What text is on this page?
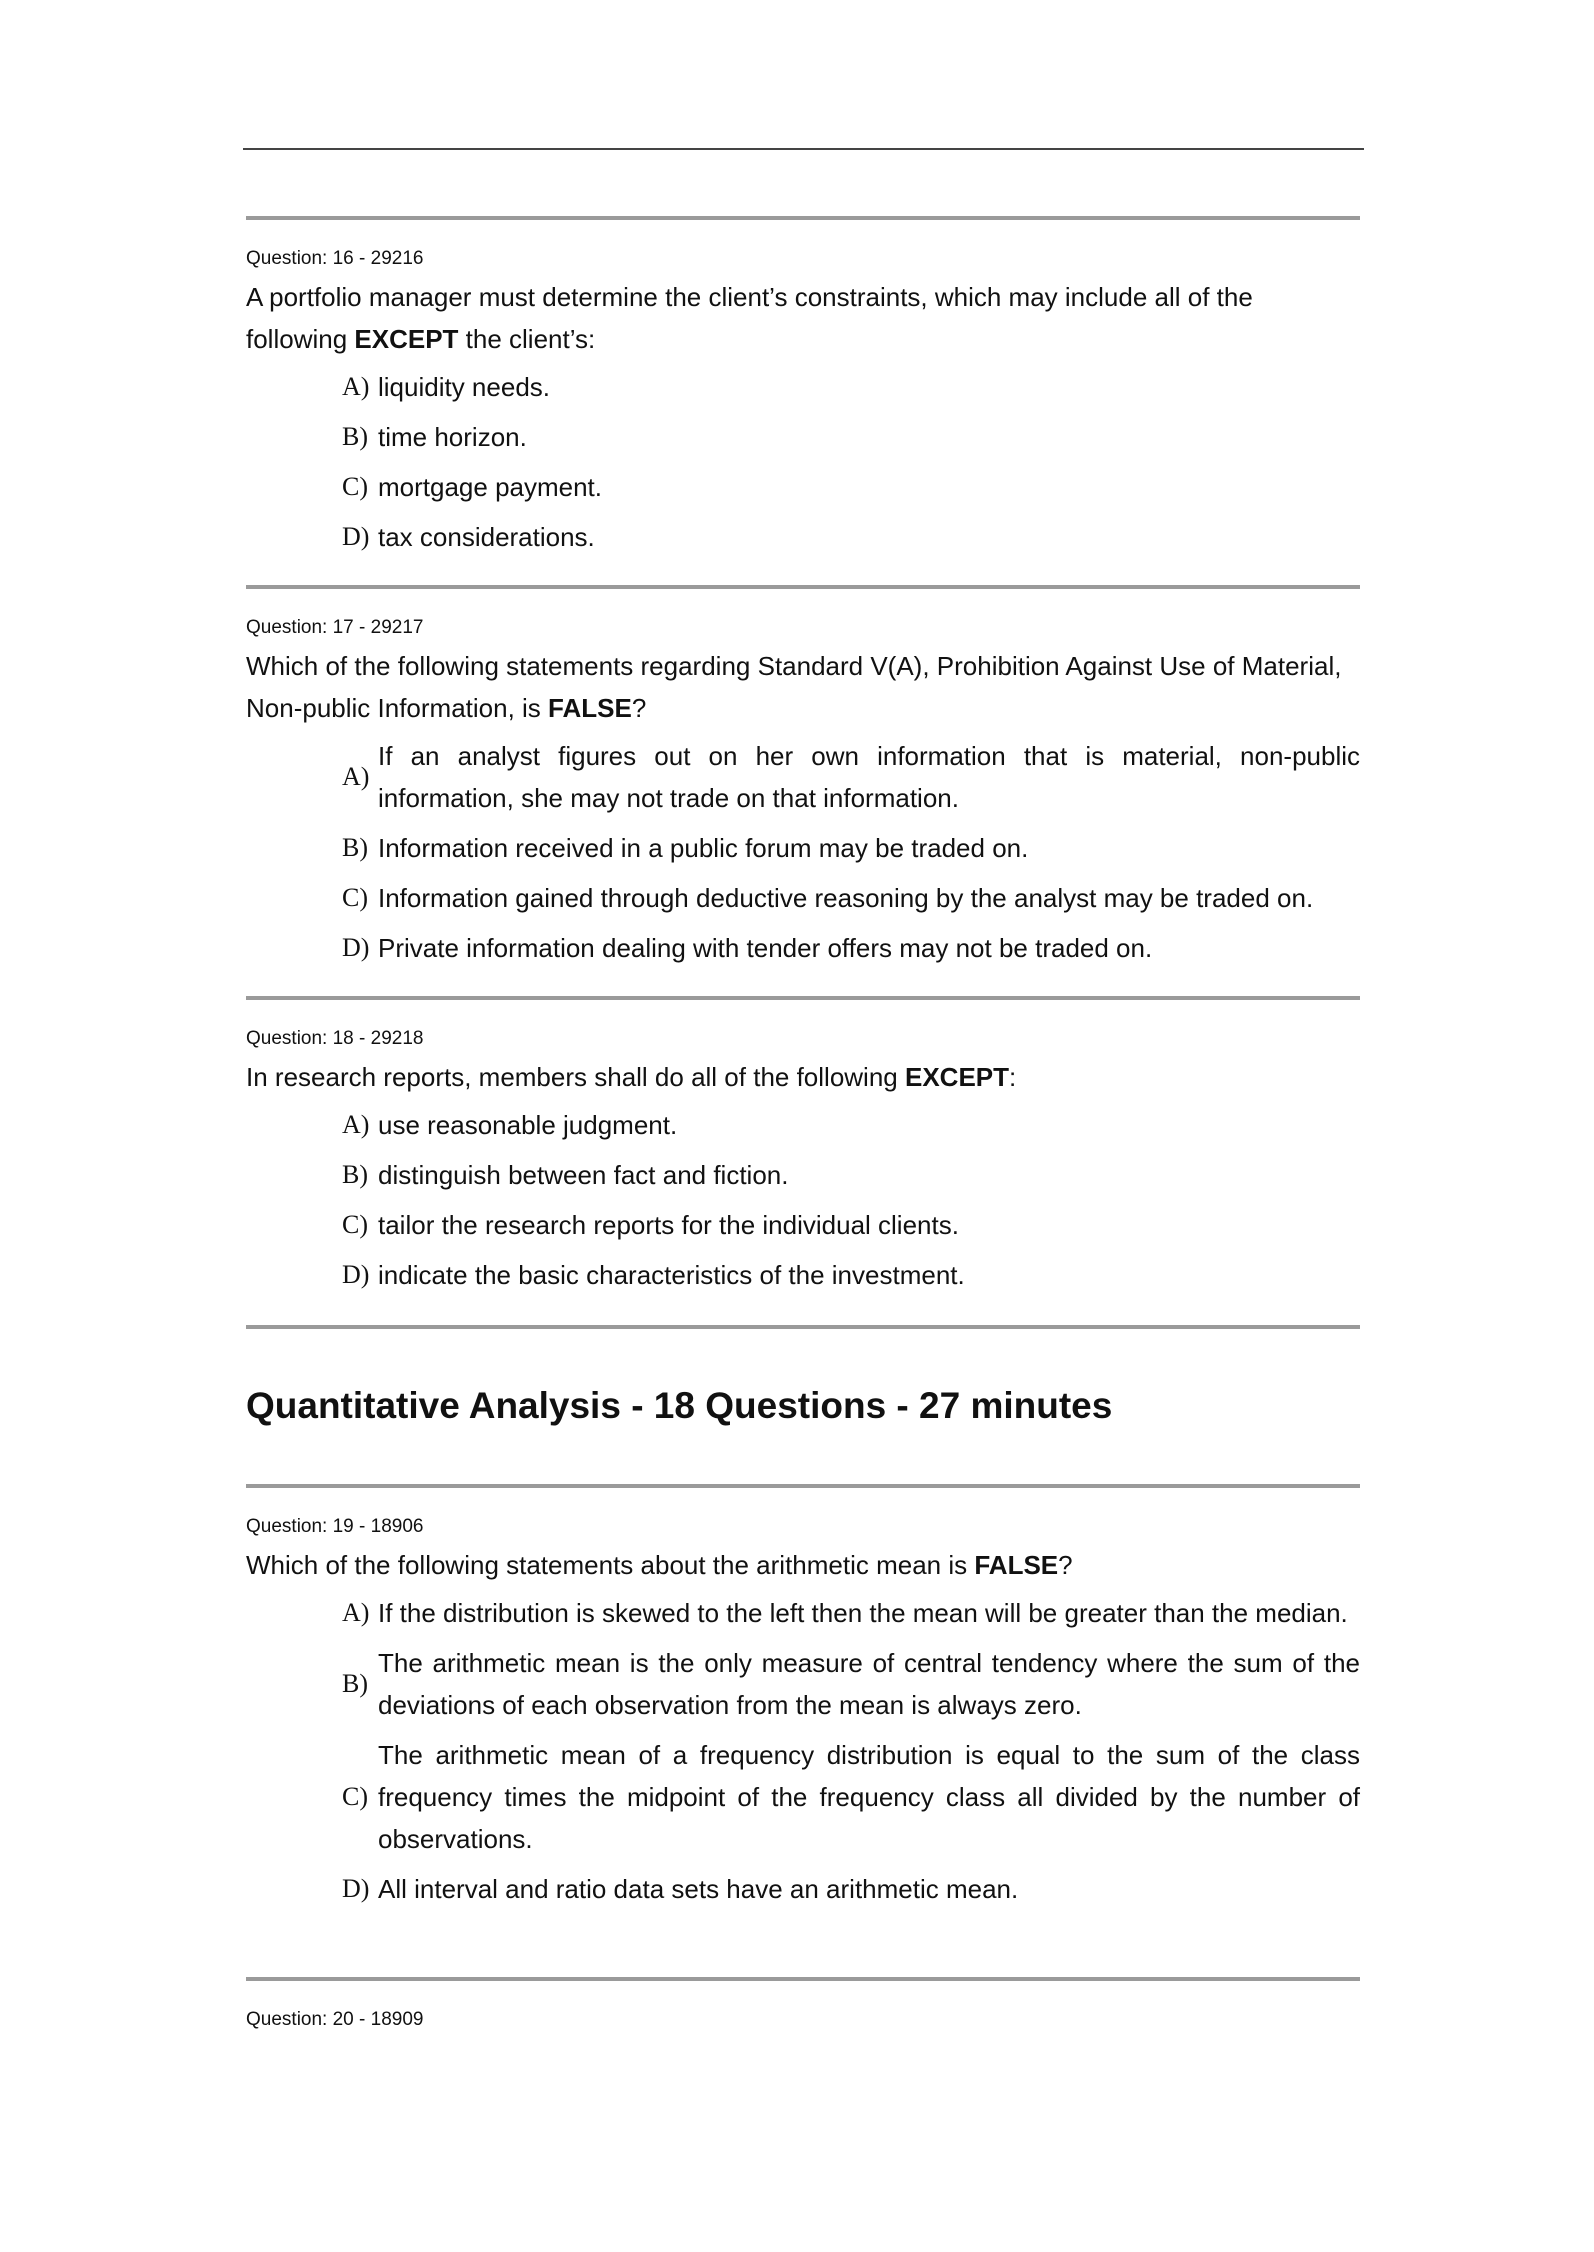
Question: 16 - 29216
A portfolio manager must determine the client’s constraints, which may include all of the following EXCEPT the client’s:
A) liquidity needs.
B) time horizon.
C) mortgage payment.
D) tax considerations.
Question: 17 - 29217
Which of the following statements regarding Standard V(A), Prohibition Against Use of Material, Non-public Information, is FALSE?
A)
If an analyst figures out on her own information that is material, non-public information, she may not trade on that information.
B) Information received in a public forum may be traded on.
C) Information gained through deductive reasoning by the analyst may be traded on.
D) Private information dealing with tender offers may not be traded on.
Question: 18 - 29218
In research reports, members shall do all of the following EXCEPT:
A) use reasonable judgment.
B) distinguish between fact and fiction.
C) tailor the research reports for the individual clients.
D) indicate the basic characteristics of the investment.
Quantitative Analysis - 18 Questions - 27 minutes
Question: 19 - 18906
Which of the following statements about the arithmetic mean is FALSE?
A) If the distribution is skewed to the left then the mean will be greater than the median.
B)
The arithmetic mean is the only measure of central tendency where the sum of the deviations of each observation from the mean is always zero.
C)
The arithmetic mean of a frequency distribution is equal to the sum of the class frequency times the midpoint of the frequency class all divided by the number of observations.
D) All interval and ratio data sets have an arithmetic mean.
Question: 20 - 18909
